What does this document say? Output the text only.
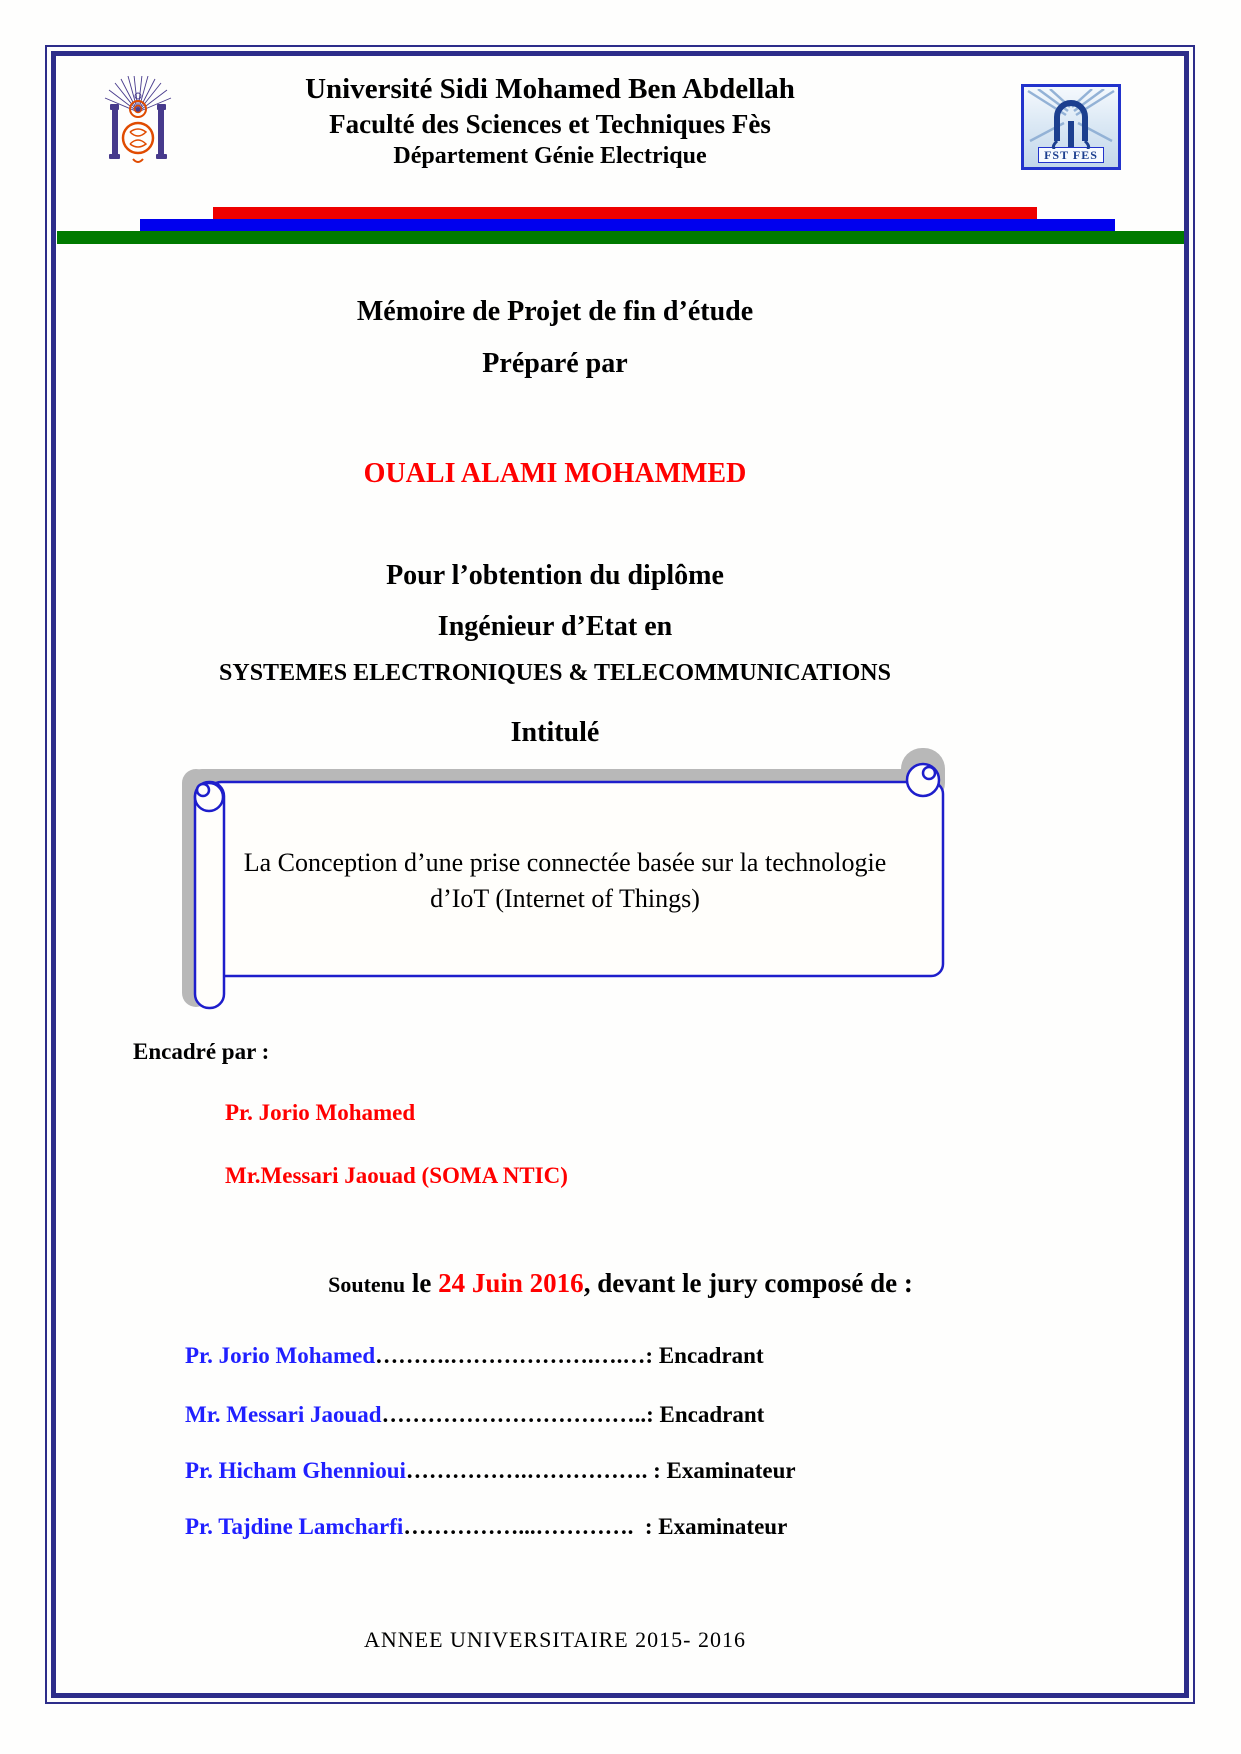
Université Sidi Mohamed Ben Abdellah
Faculté des Sciences et Techniques Fès
Département Génie Electrique	FST FES
Mémoire de Projet de fin d’étude
Préparé par
OUALI ALAMI MOHAMMED
Pour l’obtention du diplôme
Ingénieur d’Etat en
SYSTEMES ELECTRONIQUES & TELECOMMUNICATIONS
Intitulé
La Conception d’une prise connectée basée sur la technologie
d’IoT (Internet of Things)
Encadré par :
Pr. Jorio Mohamed
Mr.Messari Jaouad (SOMA NTIC)
Soutenu le 24 Juin 2016, devant le jury composé de :
Pr. Jorio Mohamed……….……………….….…: Encadrant
Mr. Messari Jaouad……………………………..: Encadrant
Pr. Hicham Ghennioui…………….……………. : Examinateur
Pr. Tajdine Lamcharfi……………...………….  : Examinateur
ANNEE UNIVERSITAIRE 2015- 2016
